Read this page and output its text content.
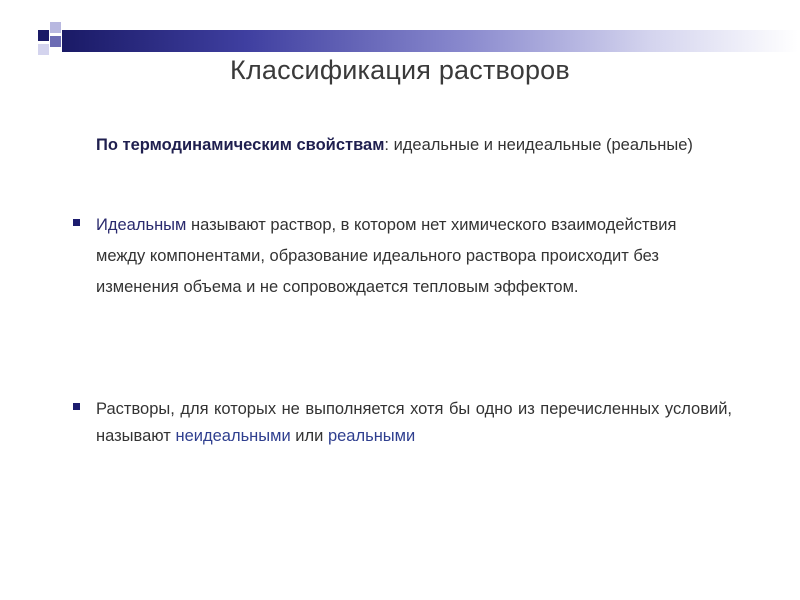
Классификация растворов
По термодинамическим свойствам: идеальные и неидеальные (реальные)
Идеальным называют раствор, в котором нет химического взаимодействия между компонентами, образование идеального раствора происходит без изменения объема и не сопровождается тепловым эффектом.
Растворы, для которых не выполняется хотя бы одно из перечисленных условий, называют неидеальными или реальными
